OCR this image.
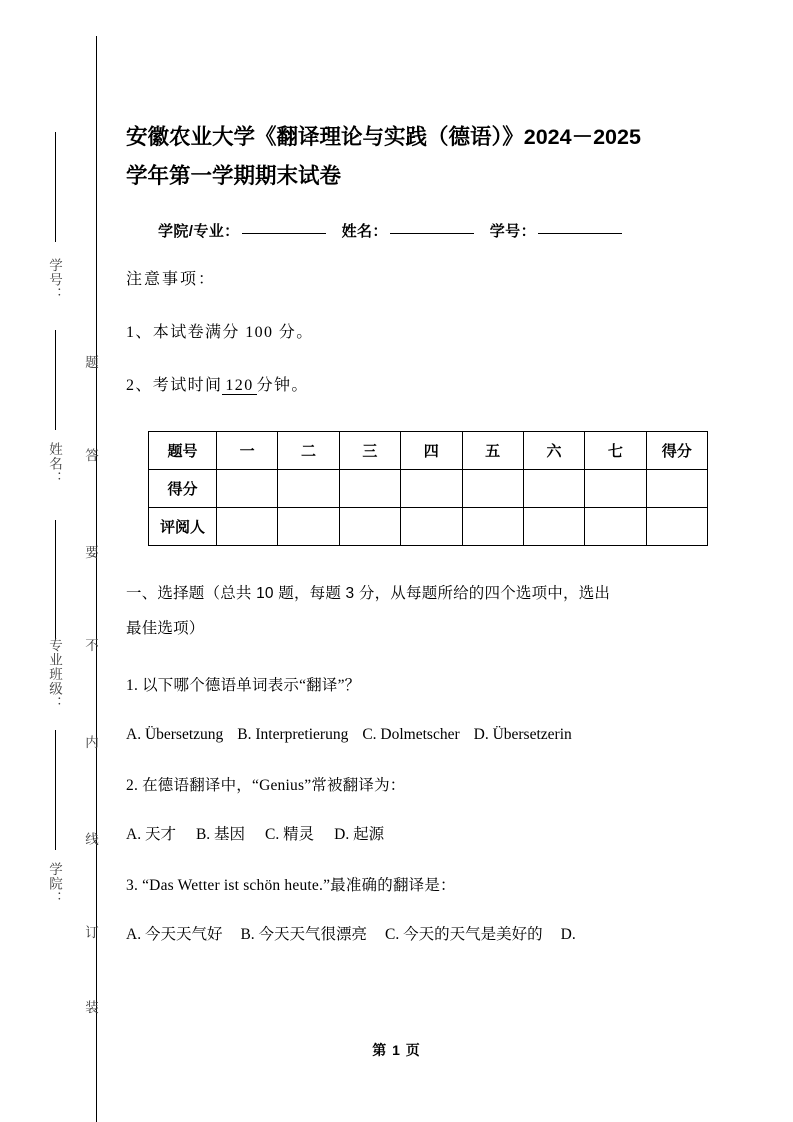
学号：
姓名：
专业班级：
学院：
题
答
要
不
内
线
订
装
安徽农业大学《翻译理论与实践（德语）》2024－2025
学年第一学期期末试卷
学院/专业：	姓名：	学号：

注意事项：

1、本试卷满分 100 分。

2、考试时间 120 分钟。

题号	一	二	三	四	五	六	七	得分
得分								
评阅人								

一、选择题（总共 10 题，每题 3 分，从每题所给的四个选项中，选出
最佳选项）

1. 以下哪个德语单词表示“翻译”？

A. Übersetzung B. Interpretierung C. Dolmetscher D. Übersetzerin

2. 在德语翻译中，“Genius”常被翻译为：

A. 天才 B. 基因 C. 精灵 D. 起源

3. “Das Wetter ist schön heute.”最准确的翻译是：

A. 今天天气好 B. 今天天气很漂亮 C. 今天的天气是美好的 D.

第 1 页
